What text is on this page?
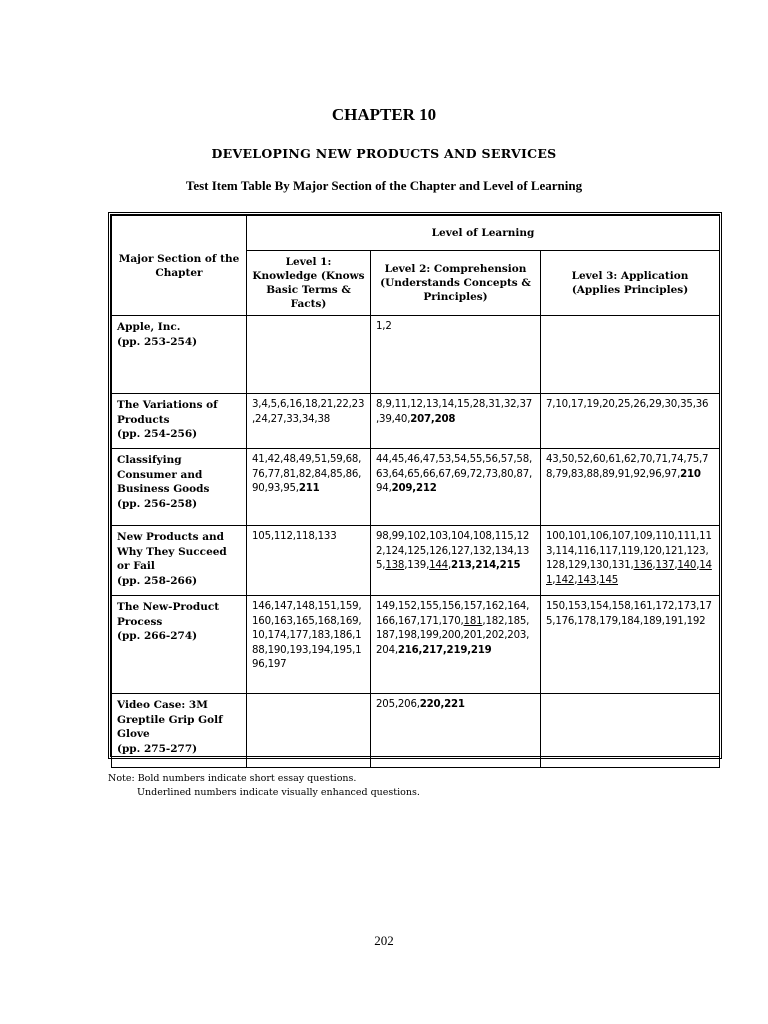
CHAPTER 10
DEVELOPING NEW PRODUCTS AND SERVICES
Test Item Table By Major Section of the Chapter and Level of Learning
Major Section of the Chapter	Level of Learning		
	Level 1: Knowledge (Knows Basic Terms & Facts)	Level 2: Comprehension (Understands Concepts & Principles)	Level 3: Application (Applies Principles)

Apple, Inc.
(pp. 253-254)		1,2	

The Variations of Products
(pp. 254-256)	3,4,5,6,16,18,21,22,23,24,27,33,34,38	8,9,11,12,13,14,15,28,31,32,37,39,40,207,208	7,10,17,19,20,25,26,29,30,35,36

Classifying Consumer and Business Goods
(pp. 256-258)	41,42,48,49,51,59,68,76,77,81,82,84,85,86,90,93,95,211	44,45,46,47,53,54,55,56,57,58,63,64,65,66,67,69,72,73,80,87,94,209,212	43,50,52,60,61,62,70,71,74,75,78,79,83,88,89,91,92,96,97,210

New Products and Why They Succeed or Fail
(pp. 258-266)	105,112,118,133	98,99,102,103,104,108,115,122,124,125,126,127,132,134,135,138,139,144,213,214,215	100,101,106,107,109,110,111,113,114,116,117,119,120,121,123,128,129,130,131,136,137,140,141,142,143,145

The New-Product Process
(pp. 266-274)	146,147,148,151,159,160,163,165,168,169,10,174,177,183,186,188,190,193,194,195,196,197	149,152,155,156,157,162,164,166,167,171,170,181,182,185,187,198,199,200,201,202,203,204,216,217,219,219	150,153,154,158,161,172,173,175,176,178,179,184,189,191,192

Video Case: 3M Greptile Grip Golf Glove
(pp. 275-277)		205,206,220,221	
Note: Bold numbers indicate short essay questions.
Underlined numbers indicate visually enhanced questions.
202
